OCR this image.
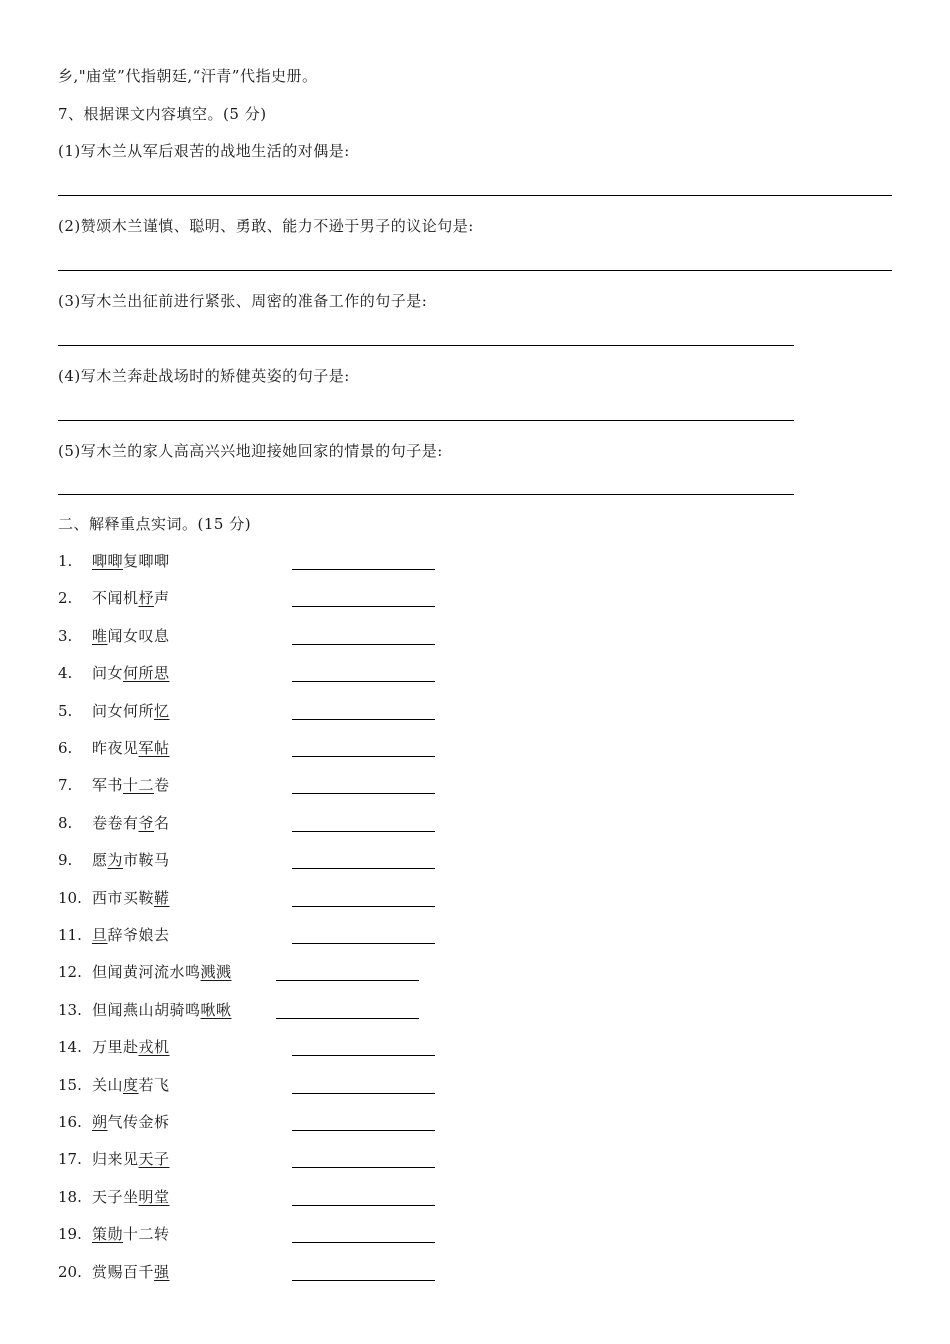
乡,"庙堂”代指朝廷,“汗青”代指史册。
7、根据课文内容填空。(5 分)
(1)写木兰从军后艰苦的战地生活的对偶是:
(2)赞颂木兰谨慎、聪明、勇敢、能力不逊于男子的议论句是:
(3)写木兰出征前进行紧张、周密的准备工作的句子是:
(4)写木兰奔赴战场时的矫健英姿的句子是:
(5)写木兰的家人高高兴兴地迎接她回家的情景的句子是:
二、解释重点实词。(15 分)
1. 唧唧复唧唧
2. 不闻机杼声
3. 唯闻女叹息
4. 问女何所思
5. 问女何所忆
6. 昨夜见军帖
7. 军书十二卷
8. 卷卷有爷名
9. 愿为市鞍马
10. 西市买鞍鞯
11. 旦辞爷娘去
12. 但闻黄河流水鸣溅溅
13. 但闻燕山胡骑鸣啾啾
14. 万里赴戎机
15. 关山度若飞
16. 朔气传金柝
17. 归来见天子
18. 天子坐明堂
19. 策勋十二转
20. 赏赐百千强
